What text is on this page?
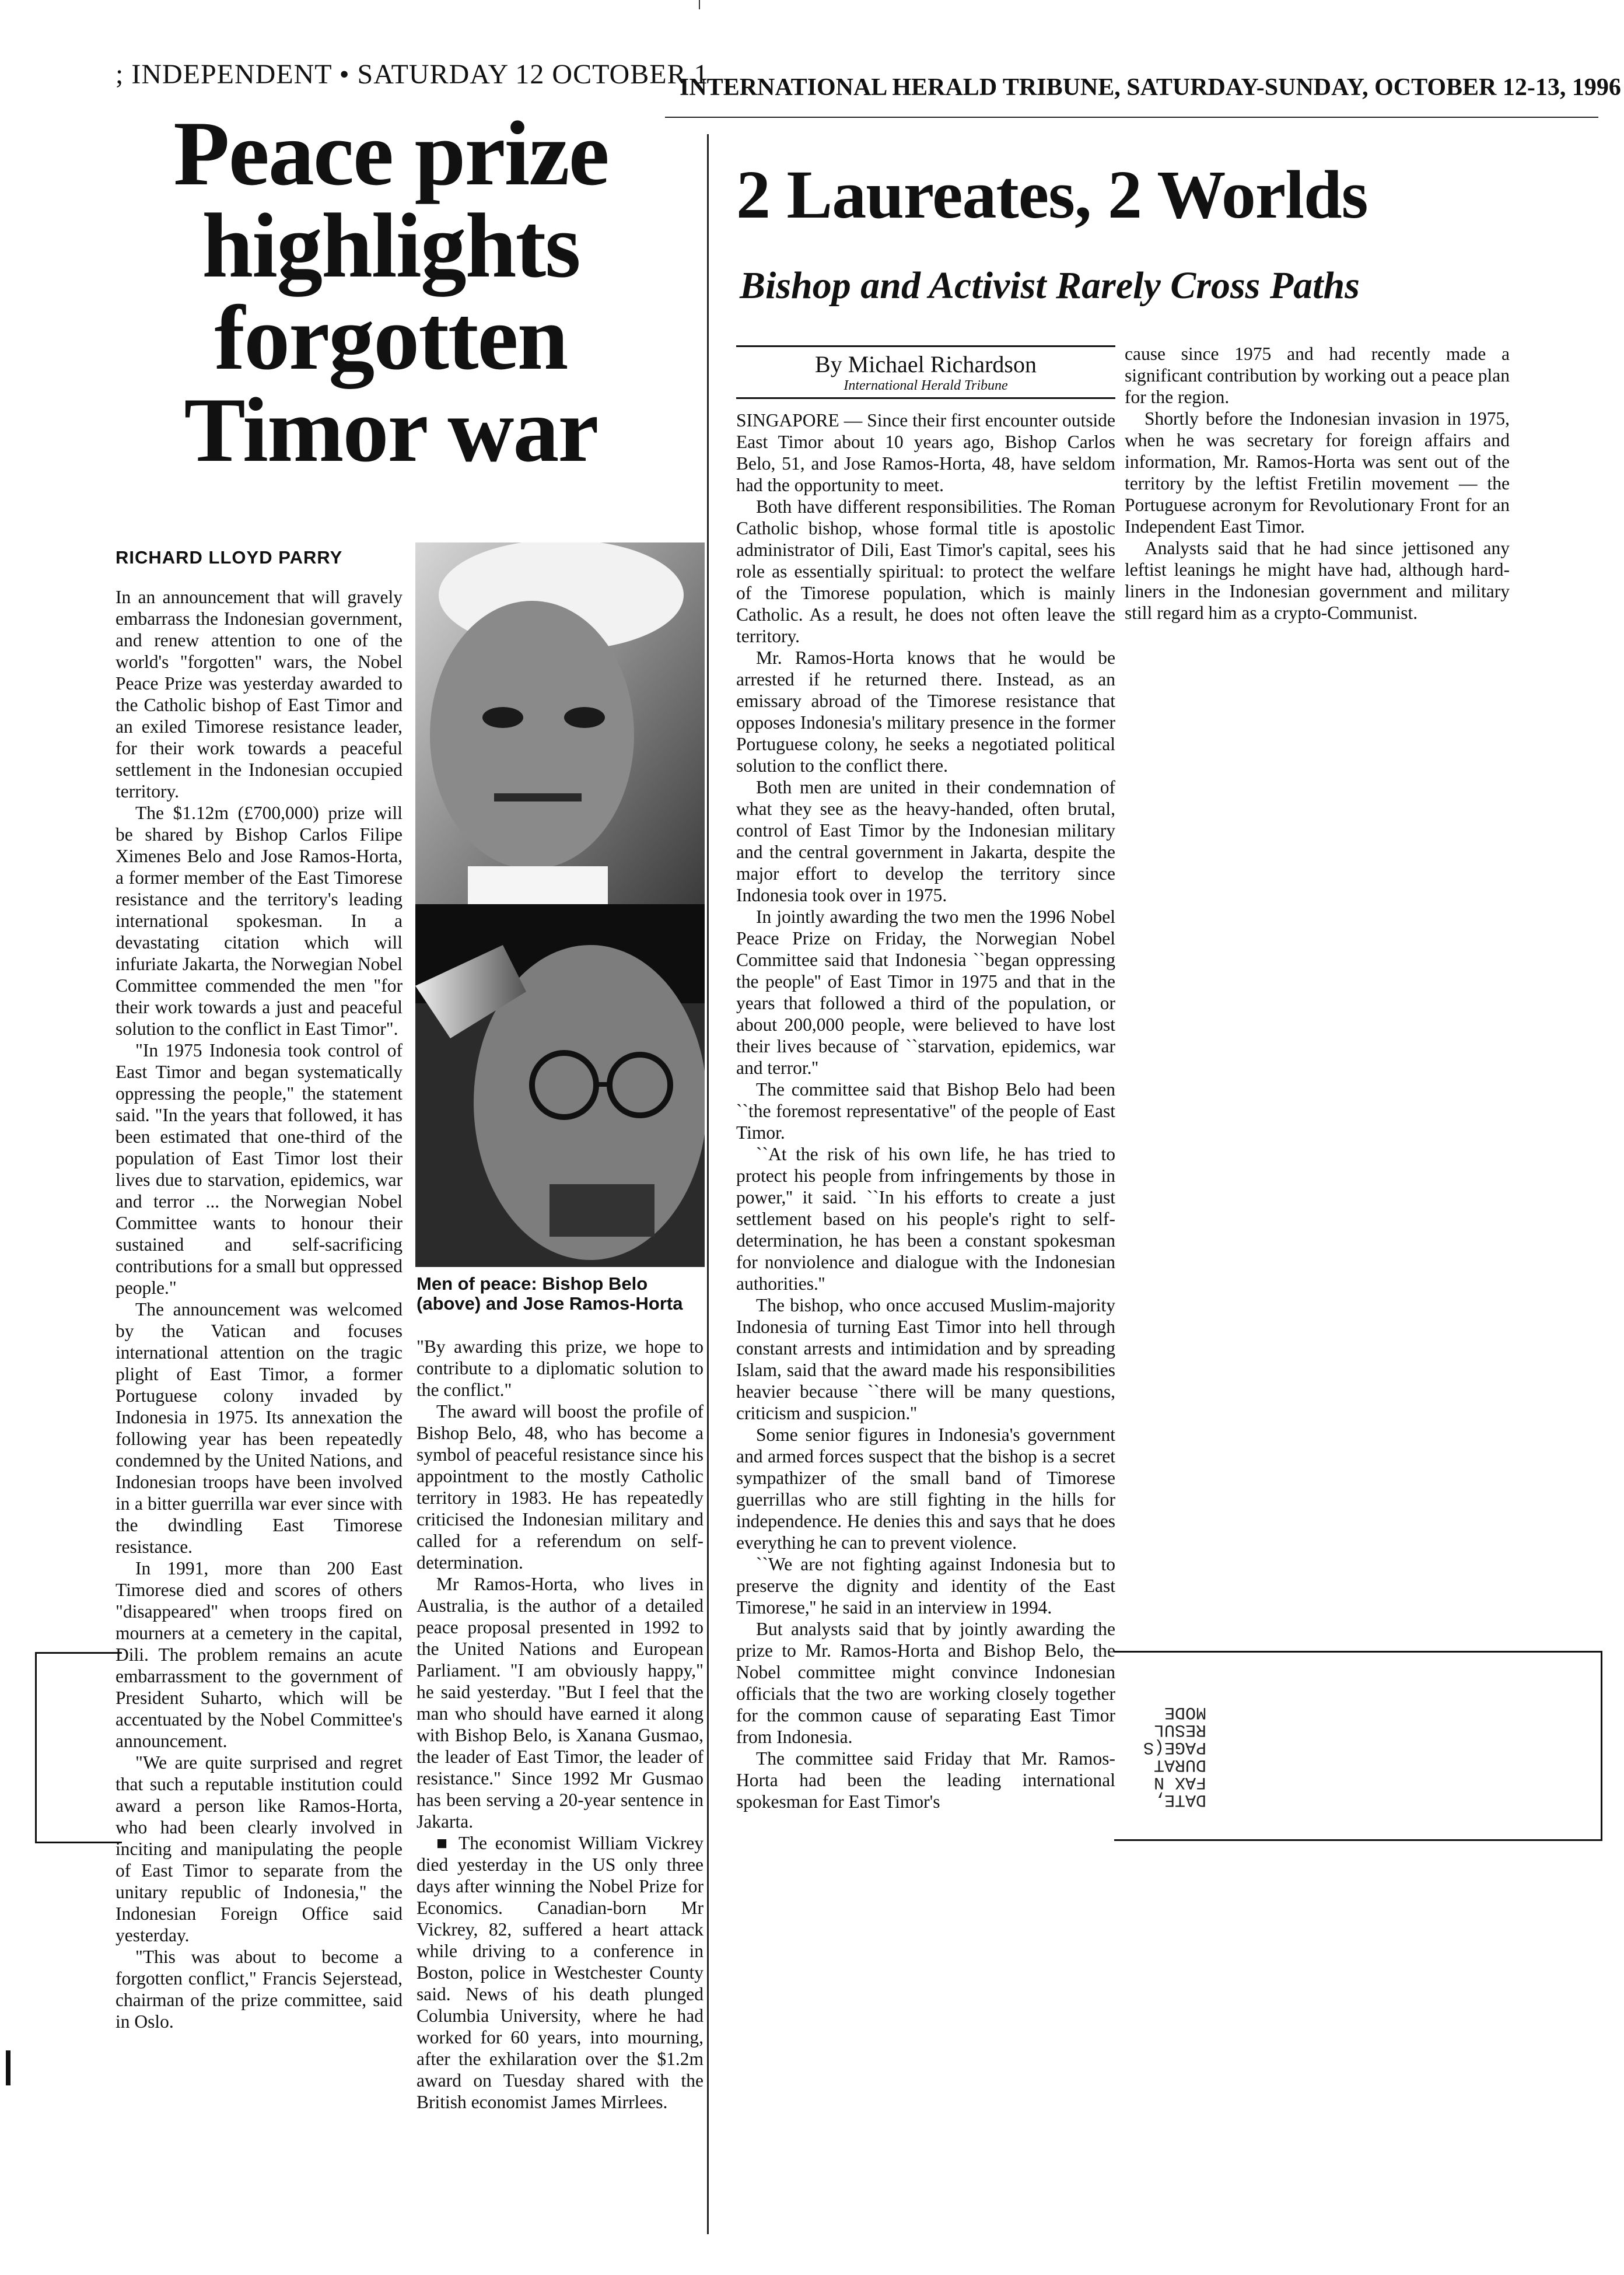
; INDEPENDENT • SATURDAY 12 OCTOBER 1
INTERNATIONAL HERALD TRIBUNE, SATURDAY-SUNDAY, OCTOBER 12-13, 1996
Peace prize
highlights
forgotten
Timor war
RICHARD LLOYD PARRY

In an announcement that will gravely embarrass the Indonesian government, and renew attention to one of the world's "forgotten" wars, the Nobel Peace Prize was yesterday awarded to the Catholic bishop of East Timor and an exiled Timorese resistance leader, for their work towards a peaceful settlement in the Indonesian occupied territory.

The $1.12m (£700,000) prize will be shared by Bishop Carlos Filipe Ximenes Belo and Jose Ramos-Horta, a former member of the East Timorese resistance and the territory's leading international spokesman. In a devastating citation which will infuriate Jakarta, the Norwegian Nobel Committee commended the men "for their work towards a just and peaceful solution to the conflict in East Timor".

"In 1975 Indonesia took control of East Timor and began systematically oppressing the people," the statement said. "In the years that followed, it has been estimated that one-third of the population of East Timor lost their lives due to starvation, epidemics, war and terror ... the Norwegian Nobel Committee wants to honour their sustained and self-sacrificing contributions for a small but oppressed people."

The announcement was welcomed by the Vatican and focuses international attention on the tragic plight of East Timor, a former Portuguese colony invaded by Indonesia in 1975. Its annexation the following year has been repeatedly condemned by the United Nations, and Indonesian troops have been involved in a bitter guerrilla war ever since with the dwindling East Timorese resistance.

In 1991, more than 200 East Timorese died and scores of others "disappeared" when troops fired on mourners at a cemetery in the capital, Dili. The problem remains an acute embarrassment to the government of President Suharto, which will be accentuated by the Nobel Committee's announcement.

"We are quite surprised and regret that such a reputable institution could award a person like Ramos-Horta, who had been clearly involved in inciting and manipulating the people of East Timor to separate from the unitary republic of Indonesia," the Indonesian Foreign Office said yesterday.

"This was about to become a forgotten conflict," Francis Sejerstead, chairman of the prize committee, said in Oslo.

Men of peace: Bishop Belo (above) and Jose Ramos-Horta

"By awarding this prize, we hope to contribute to a diplomatic solution to the conflict."

The award will boost the profile of Bishop Belo, 48, who has become a symbol of peaceful resistance since his appointment to the mostly Catholic territory in 1983. He has repeatedly criticised the Indonesian military and called for a referendum on self-determination.

Mr Ramos-Horta, who lives in Australia, is the author of a detailed peace proposal presented in 1992 to the United Nations and European Parliament. "I am obviously happy," he said yesterday. "But I feel that the man who should have earned it along with Bishop Belo, is Xanana Gusmao, the leader of East Timor, the leader of resistance." Since 1992 Mr Gusmao has been serving a 20-year sentence in Jakarta.

■ The economist William Vickrey died yesterday in the US only three days after winning the Nobel Prize for Economics. Canadian-born Mr Vickrey, 82, suffered a heart attack while driving to a conference in Boston, police in Westchester County said. News of his death plunged Columbia University, where he had worked for 60 years, into mourning, after the exhilaration over the $1.2m award on Tuesday shared with the British economist James Mirrlees.

2 Laureates, 2 Worlds
Bishop and Activist Rarely Cross Paths
By Michael Richardson
International Herald Tribune

SINGAPORE — Since their first encounter outside East Timor about 10 years ago, Bishop Carlos Belo, 51, and Jose Ramos-Horta, 48, have seldom had the opportunity to meet.

Both have different responsibilities. The Roman Catholic bishop, whose formal title is apostolic administrator of Dili, East Timor's capital, sees his role as essentially spiritual: to protect the welfare of the Timorese population, which is mainly Catholic. As a result, he does not often leave the territory.

Mr. Ramos-Horta knows that he would be arrested if he returned there. Instead, as an emissary abroad of the Timorese resistance that opposes Indonesia's military presence in the former Portuguese colony, he seeks a negotiated political solution to the conflict there.

Both men are united in their condemnation of what they see as the heavy-handed, often brutal, control of East Timor by the Indonesian military and the central government in Jakarta, despite the major effort to develop the territory since Indonesia took over in 1975.

In jointly awarding the two men the 1996 Nobel Peace Prize on Friday, the Norwegian Nobel Committee said that Indonesia ``began oppressing the people'' of East Timor in 1975 and that in the years that followed a third of the population, or about 200,000 people, were believed to have lost their lives because of ``starvation, epidemics, war and terror.''

The committee said that Bishop Belo had been ``the foremost representative'' of the people of East Timor.

``At the risk of his own life, he has tried to protect his people from infringements by those in power,'' it said. ``In his efforts to create a just settlement based on his people's right to self-determination, he has been a constant spokesman for nonviolence and dialogue with the Indonesian authorities.''

The bishop, who once accused Muslim-majority Indonesia of turning East Timor into hell through constant arrests and intimidation and by spreading Islam, said that the award made his responsibilities heavier because ``there will be many questions, criticism and suspicion.''

Some senior figures in Indonesia's government and armed forces suspect that the bishop is a secret sympathizer of the small band of Timorese guerrillas who are still fighting in the hills for independence. He denies this and says that he does everything he can to prevent violence.

``We are not fighting against Indonesia but to preserve the dignity and identity of the East Timorese,'' he said in an interview in 1994.

But analysts said that by jointly awarding the prize to Mr. Ramos-Horta and Bishop Belo, the Nobel committee might convince Indonesian officials that the two are working closely together for the common cause of separating East Timor from Indonesia.

The committee said Friday that Mr. Ramos-Horta had been the leading international spokesman for East Timor's

cause since 1975 and had recently made a significant contribution by working out a peace plan for the region.

Shortly before the Indonesian invasion in 1975, when he was secretary for foreign affairs and information, Mr. Ramos-Horta was sent out of the territory by the leftist Fretilin movement — the Portuguese acronym for Revolutionary Front for an Independent East Timor.

Analysts said that he had since jettisoned any leftist leanings he might have had, although hard-liners in the Indonesian government and military still regard him as a crypto-Communist.

DATE,
FAX N
DURAT
PAGE(S
RESUL
MODE
